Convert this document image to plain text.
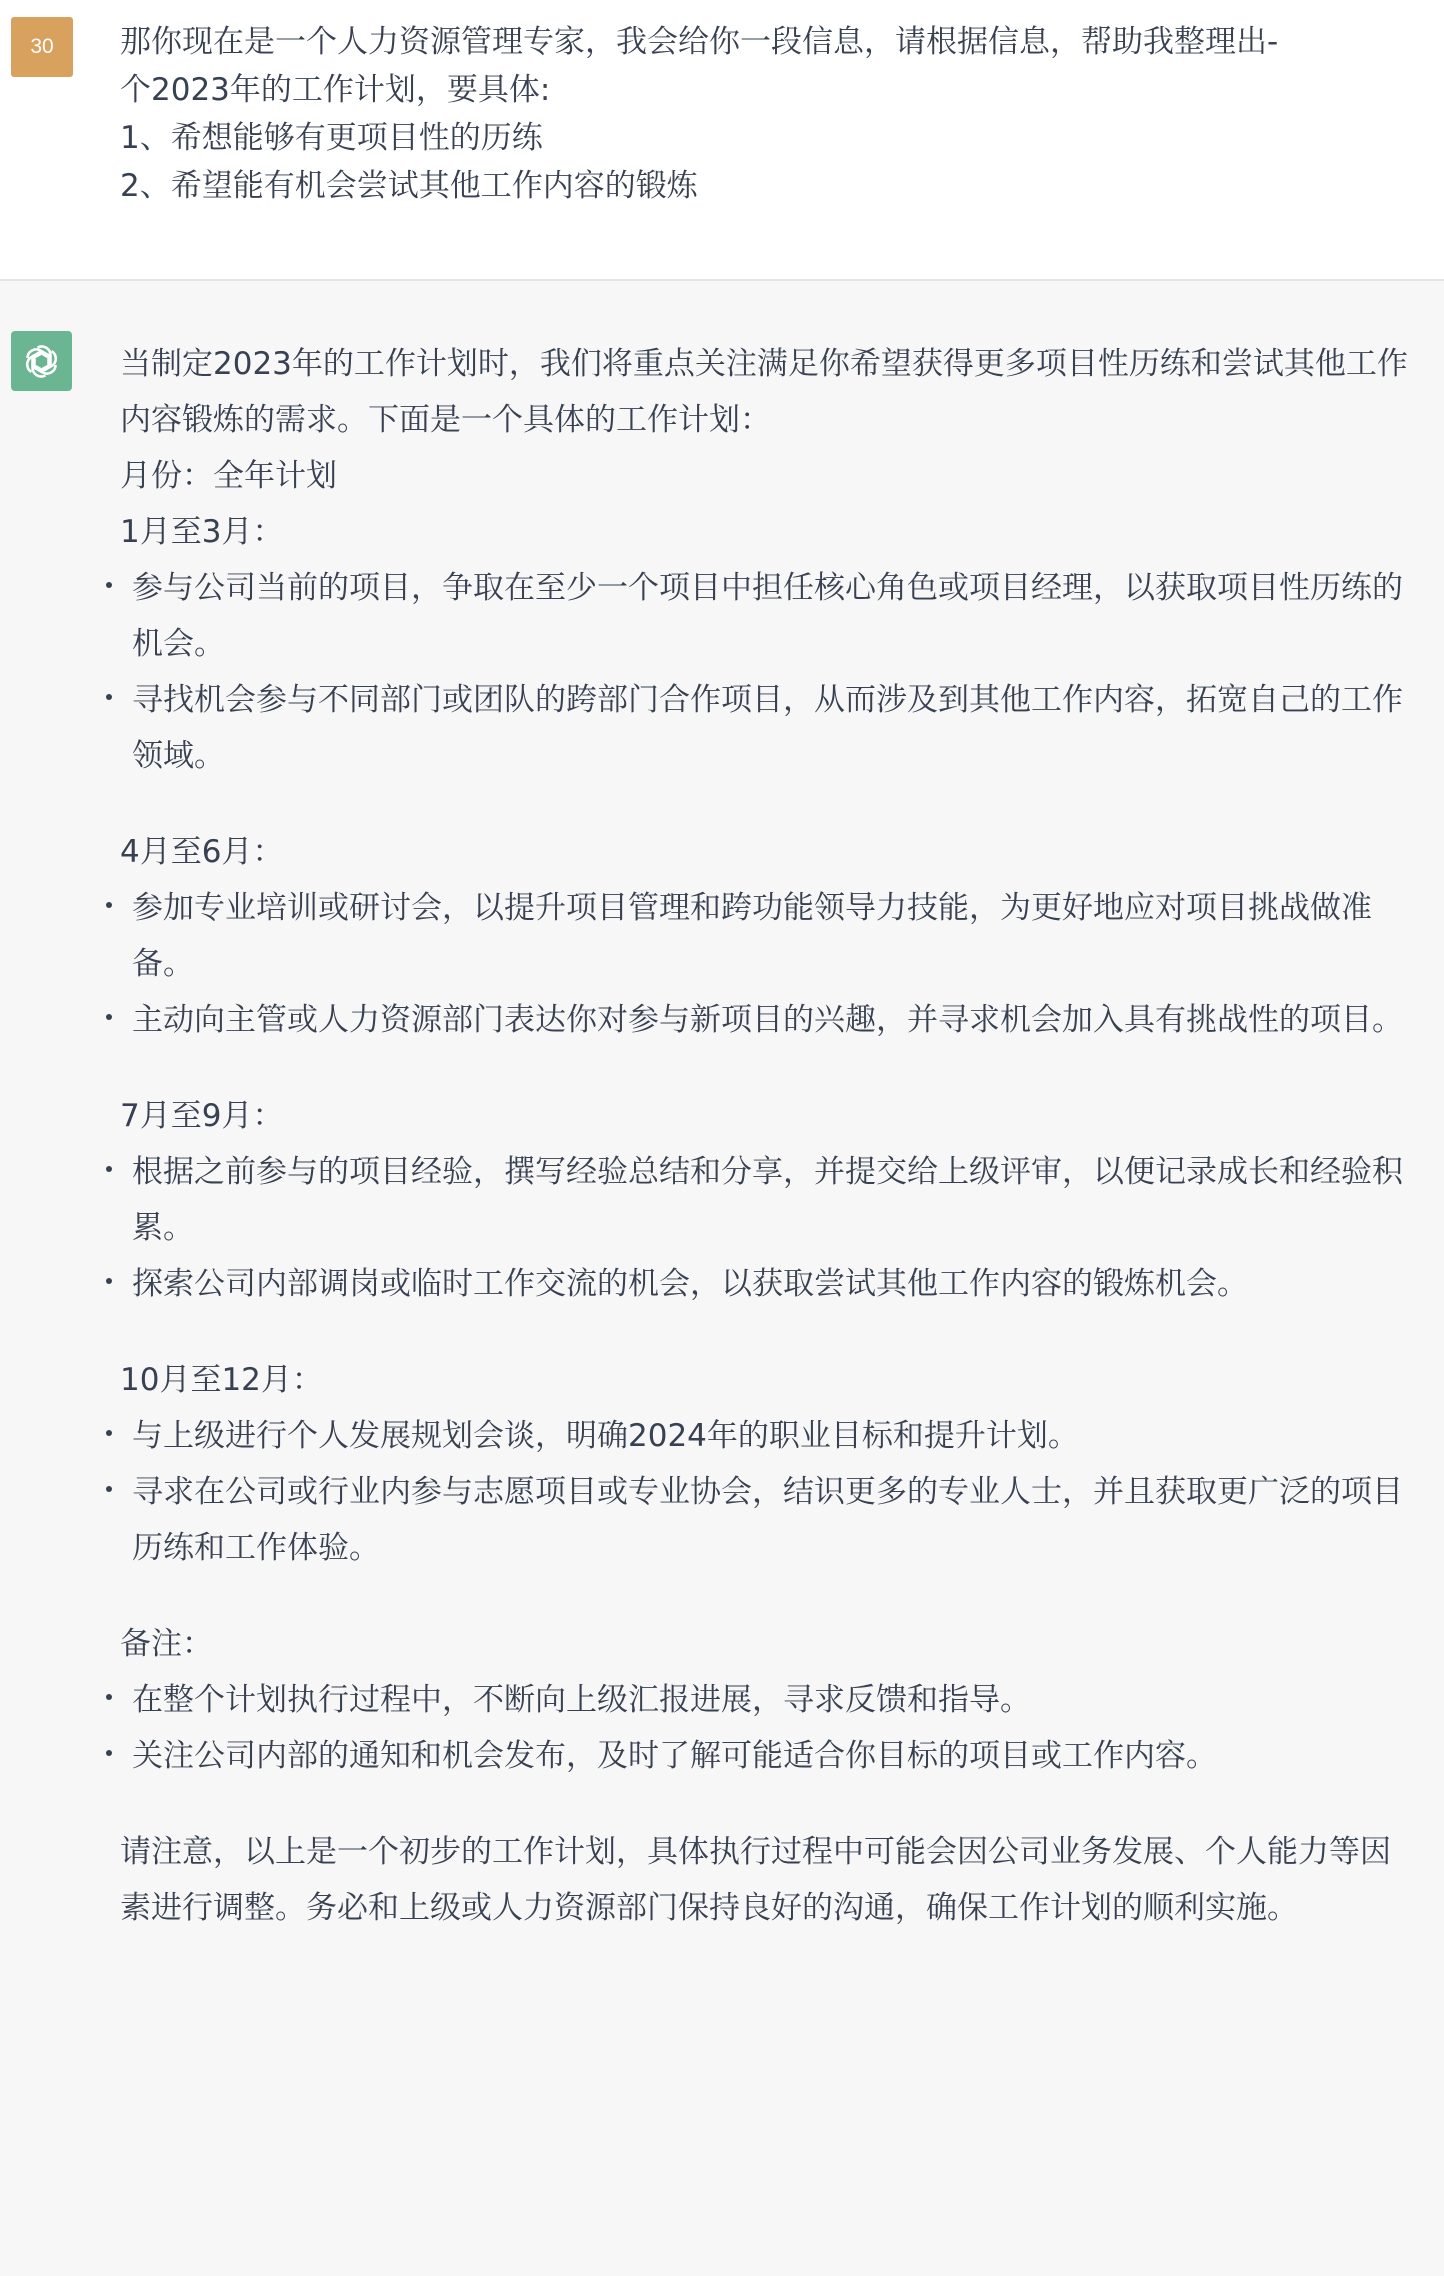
30	那你现在是一个人力资源管理专家，我会给你一段信息，请根据信息，帮助我整理出-
个2023年的工作计划，要具体:
1、希想能够有更项目性的历练
2、希望能有机会尝试其他工作内容的锻炼

当制定2023年的工作计划时，我们将重点关注满足你希望获得更多项目性历练和尝试其他工作内容锻炼的需求。下面是一个具体的工作计划：

月份：全年计划

1月至3月：

参与公司当前的项目，争取在至少一个项目中担任核心角色或项目经理，以获取项目性历练的机会。
寻找机会参与不同部门或团队的跨部门合作项目，从而涉及到其他工作内容，拓宽自己的工作领域。

4月至6月：

参加专业培训或研讨会，以提升项目管理和跨功能领导力技能，为更好地应对项目挑战做准备。
主动向主管或人力资源部门表达你对参与新项目的兴趣，并寻求机会加入具有挑战性的项目。

7月至9月：

根据之前参与的项目经验，撰写经验总结和分享，并提交给上级评审，以便记录成长和经验积累。
探索公司内部调岗或临时工作交流的机会，以获取尝试其他工作内容的锻炼机会。

10月至12月：

与上级进行个人发展规划会谈，明确2024年的职业目标和提升计划。
寻求在公司或行业内参与志愿项目或专业协会，结识更多的专业人士，并且获取更广泛的项目历练和工作体验。

备注：

在整个计划执行过程中，不断向上级汇报进展，寻求反馈和指导。
关注公司内部的通知和机会发布，及时了解可能适合你目标的项目或工作内容。

请注意，以上是一个初步的工作计划，具体执行过程中可能会因公司业务发展、个人能力等因素进行调整。务必和上级或人力资源部门保持良好的沟通，确保工作计划的顺利实施。
